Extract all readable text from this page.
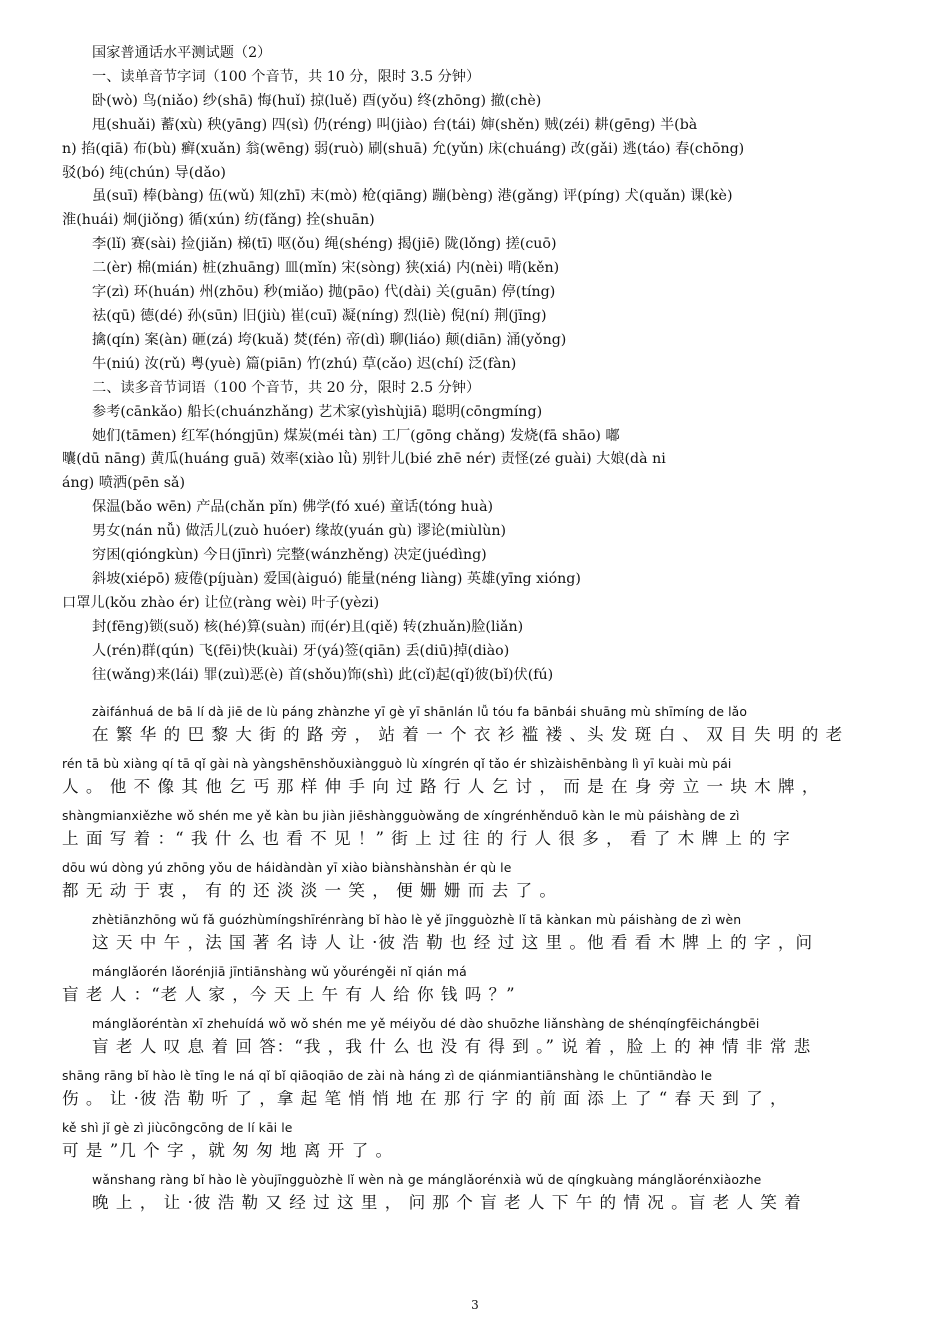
国家普通话水平测试题（2）
一、读单音节字词（100 个音节，共 10 分，限时 3.5 分钟）
卧(wò) 鸟(niǎo) 纱(shā) 悔(huǐ) 掠(luě) 酉(yǒu) 终(zhōng) 撤(chè)
甩(shuǎi) 蓄(xù) 秧(yāng) 四(sì) 仍(réng) 叫(jiào) 台(tái) 婶(shěn) 贼(zéi) 耕(gēng) 半(bà
n) 掐(qiā) 布(bù) 癣(xuǎn) 翁(wēng) 弱(ruò) 刷(shuā) 允(yǔn) 床(chuáng) 改(gǎi) 逃(táo) 春(chōng)
驳(bó) 纯(chún) 导(dǎo)
虽(suī) 棒(bàng) 伍(wǔ) 知(zhī) 末(mò) 枪(qiāng) 蹦(bèng) 港(gǎng) 评(píng) 犬(quǎn) 课(kè)
淮(huái) 炯(jiǒng) 循(xún) 纺(fǎng) 拴(shuān)
李(lǐ) 赛(sài) 捡(jiǎn) 梯(tī) 呕(ǒu) 绳(shéng) 揭(jiē) 陇(lǒng) 搓(cuō)
二(èr) 棉(mián) 桩(zhuāng) 皿(mǐn) 宋(sòng) 狭(xiá) 内(nèi) 啃(kěn)
字(zì) 环(huán) 州(zhōu) 秒(miǎo) 抛(pāo) 代(dài) 关(guān) 停(tíng)
祛(qū) 德(dé) 孙(sūn) 旧(jiù) 崔(cuī) 凝(níng) 烈(liè) 倪(ní) 荆(jīng)
擒(qín) 案(àn) 砸(zá) 垮(kuǎ) 焚(fén) 帝(dì) 聊(liáo) 颠(diān) 涌(yǒng)
牛(niú) 汝(rǔ) 粤(yuè) 篇(piān) 竹(zhú) 草(cǎo) 迟(chí) 泛(fàn)
二、读多音节词语（100 个音节，共 20 分，限时 2.5 分钟）
参考(cānkǎo) 船长(chuánzhǎng) 艺术家(yìshùjiā) 聪明(cōngmíng)
她们(tāmen) 红军(hóngjūn) 煤炭(méi tàn) 工厂(gōng chǎng) 发烧(fā shāo) 嘟
囔(dū nāng) 黄瓜(huáng guā) 效率(xiào lǜ) 别针儿(bié zhē nér) 责怪(zé guài) 大娘(dà ni
áng) 喷洒(pēn sǎ)
保温(bǎo wēn) 产品(chǎn pǐn) 佛学(fó xué) 童话(tóng huà)
男女(nán nǚ) 做活儿(zuò huóer) 缘故(yuán gù) 谬论(miùlùn)
穷困(qióngkùn) 今日(jīnrì) 完整(wánzhěng) 决定(juédìng)
斜坡(xiépō) 疲倦(píjuàn) 爱国(àiguó) 能量(néng liàng) 英雄(yīng xióng)
口罩儿(kǒu zhào ér) 让位(ràng wèi) 叶子(yèzi)
封(fēng)锁(suǒ) 核(hé)算(suàn) 而(ér)且(qiě) 转(zhuǎn)脸(liǎn)
人(rén)群(qún) 飞(fēi)快(kuài) 牙(yá)签(qiān) 丢(diū)掉(diào)
往(wǎng)来(lái) 罪(zuì)恶(è) 首(shǒu)饰(shì) 此(cǐ)起(qǐ)彼(bǐ)伏(fú)
zàifánhuá de bā lí dà jiē de lù páng zhànzhe yī gè yī shānlán lǚ tóu fa bānbái shuāng mù shīmíng de lǎo
在 繁 华 的 巴 黎 大 街 的 路 旁 ， 站 着 一 个 衣 衫 褴 褛 、头 发 斑 白 、 双 目 失 明 的 老
rén tā bù xiàng qí tā qǐ gài nà yàngshēnshǒuxiàngguò lù xíngrén qǐ tǎo ér shìzàishēnbàng lì yī kuài mù pái
人 。 他 不 像 其 他 乞 丐 那 样 伸 手 向 过 路 行 人 乞 讨 ， 而 是 在 身 旁 立 一 块 木 牌 ，
shàngmianxiězhe wǒ shén me yě kàn bu jiàn jiēshàngguòwǎng de xíngrénhěnduō kàn le mù páishàng de zì
上 面 写 着 ：“ 我 什 么 也 看 不 见 ！” 街 上 过 往 的 行 人 很 多 ， 看 了 木 牌 上 的 字
dōu wú dòng yú zhōng yǒu de háidàndàn yī xiào biànshànshàn ér qù le
都 无 动 于 衷 ， 有 的 还 淡 淡 一 笑 ， 便 姗 姗 而 去 了 。
zhètiānzhōng wǔ fǎ guózhùmíngshīrénràng bǐ hào lè yě jīngguòzhè lǐ tā kànkan mù páishàng de zì wèn
这 天 中 午 ，法 国 著 名 诗 人 让 ·彼 浩 勒 也 经 过 这 里 。他 看 看 木 牌 上 的 字 ，问
mánglǎorén lǎorénjiā jīntiānshàng wǔ yǒuréngěi nǐ qián má
盲 老 人 ：“老 人 家 ，今 天 上 午 有 人 给 你 钱 吗 ？”
mánglǎoréntàn xī zhehuídá wǒ wǒ shén me yě méiyǒu dé dào shuōzhe liǎnshàng de shénqíngfēichángbēi
盲 老 人 叹 息 着 回 答：“我 ，我 什 么 也 没 有 得 到 。” 说 着 ，脸 上 的 神 情 非 常 悲
shāng rāng bǐ hào lè tīng le ná qǐ bǐ qiāoqiāo de zài nà háng zì de qiánmiantiānshàng le chūntiāndào le
伤 。 让 ·彼 浩 勒 听 了 ，拿 起 笔 悄 悄 地 在 那 行 字 的 前 面 添 上 了 “ 春 天 到 了 ，
kě shì jǐ gè zì jiùcōngcōng de lí kāi le
可 是 ”几 个 字 ，就 匆 匆 地 离 开 了 。
wǎnshang ràng bǐ hào lè yòujīngguòzhè lǐ wèn nà ge mánglǎorénxià wǔ de qíngkuàng mánglǎorénxiàozhe
晚 上 ， 让 ·彼 浩 勒 又 经 过 这 里 ， 问 那 个 盲 老 人 下 午 的 情 况 。盲 老 人 笑 着
3
